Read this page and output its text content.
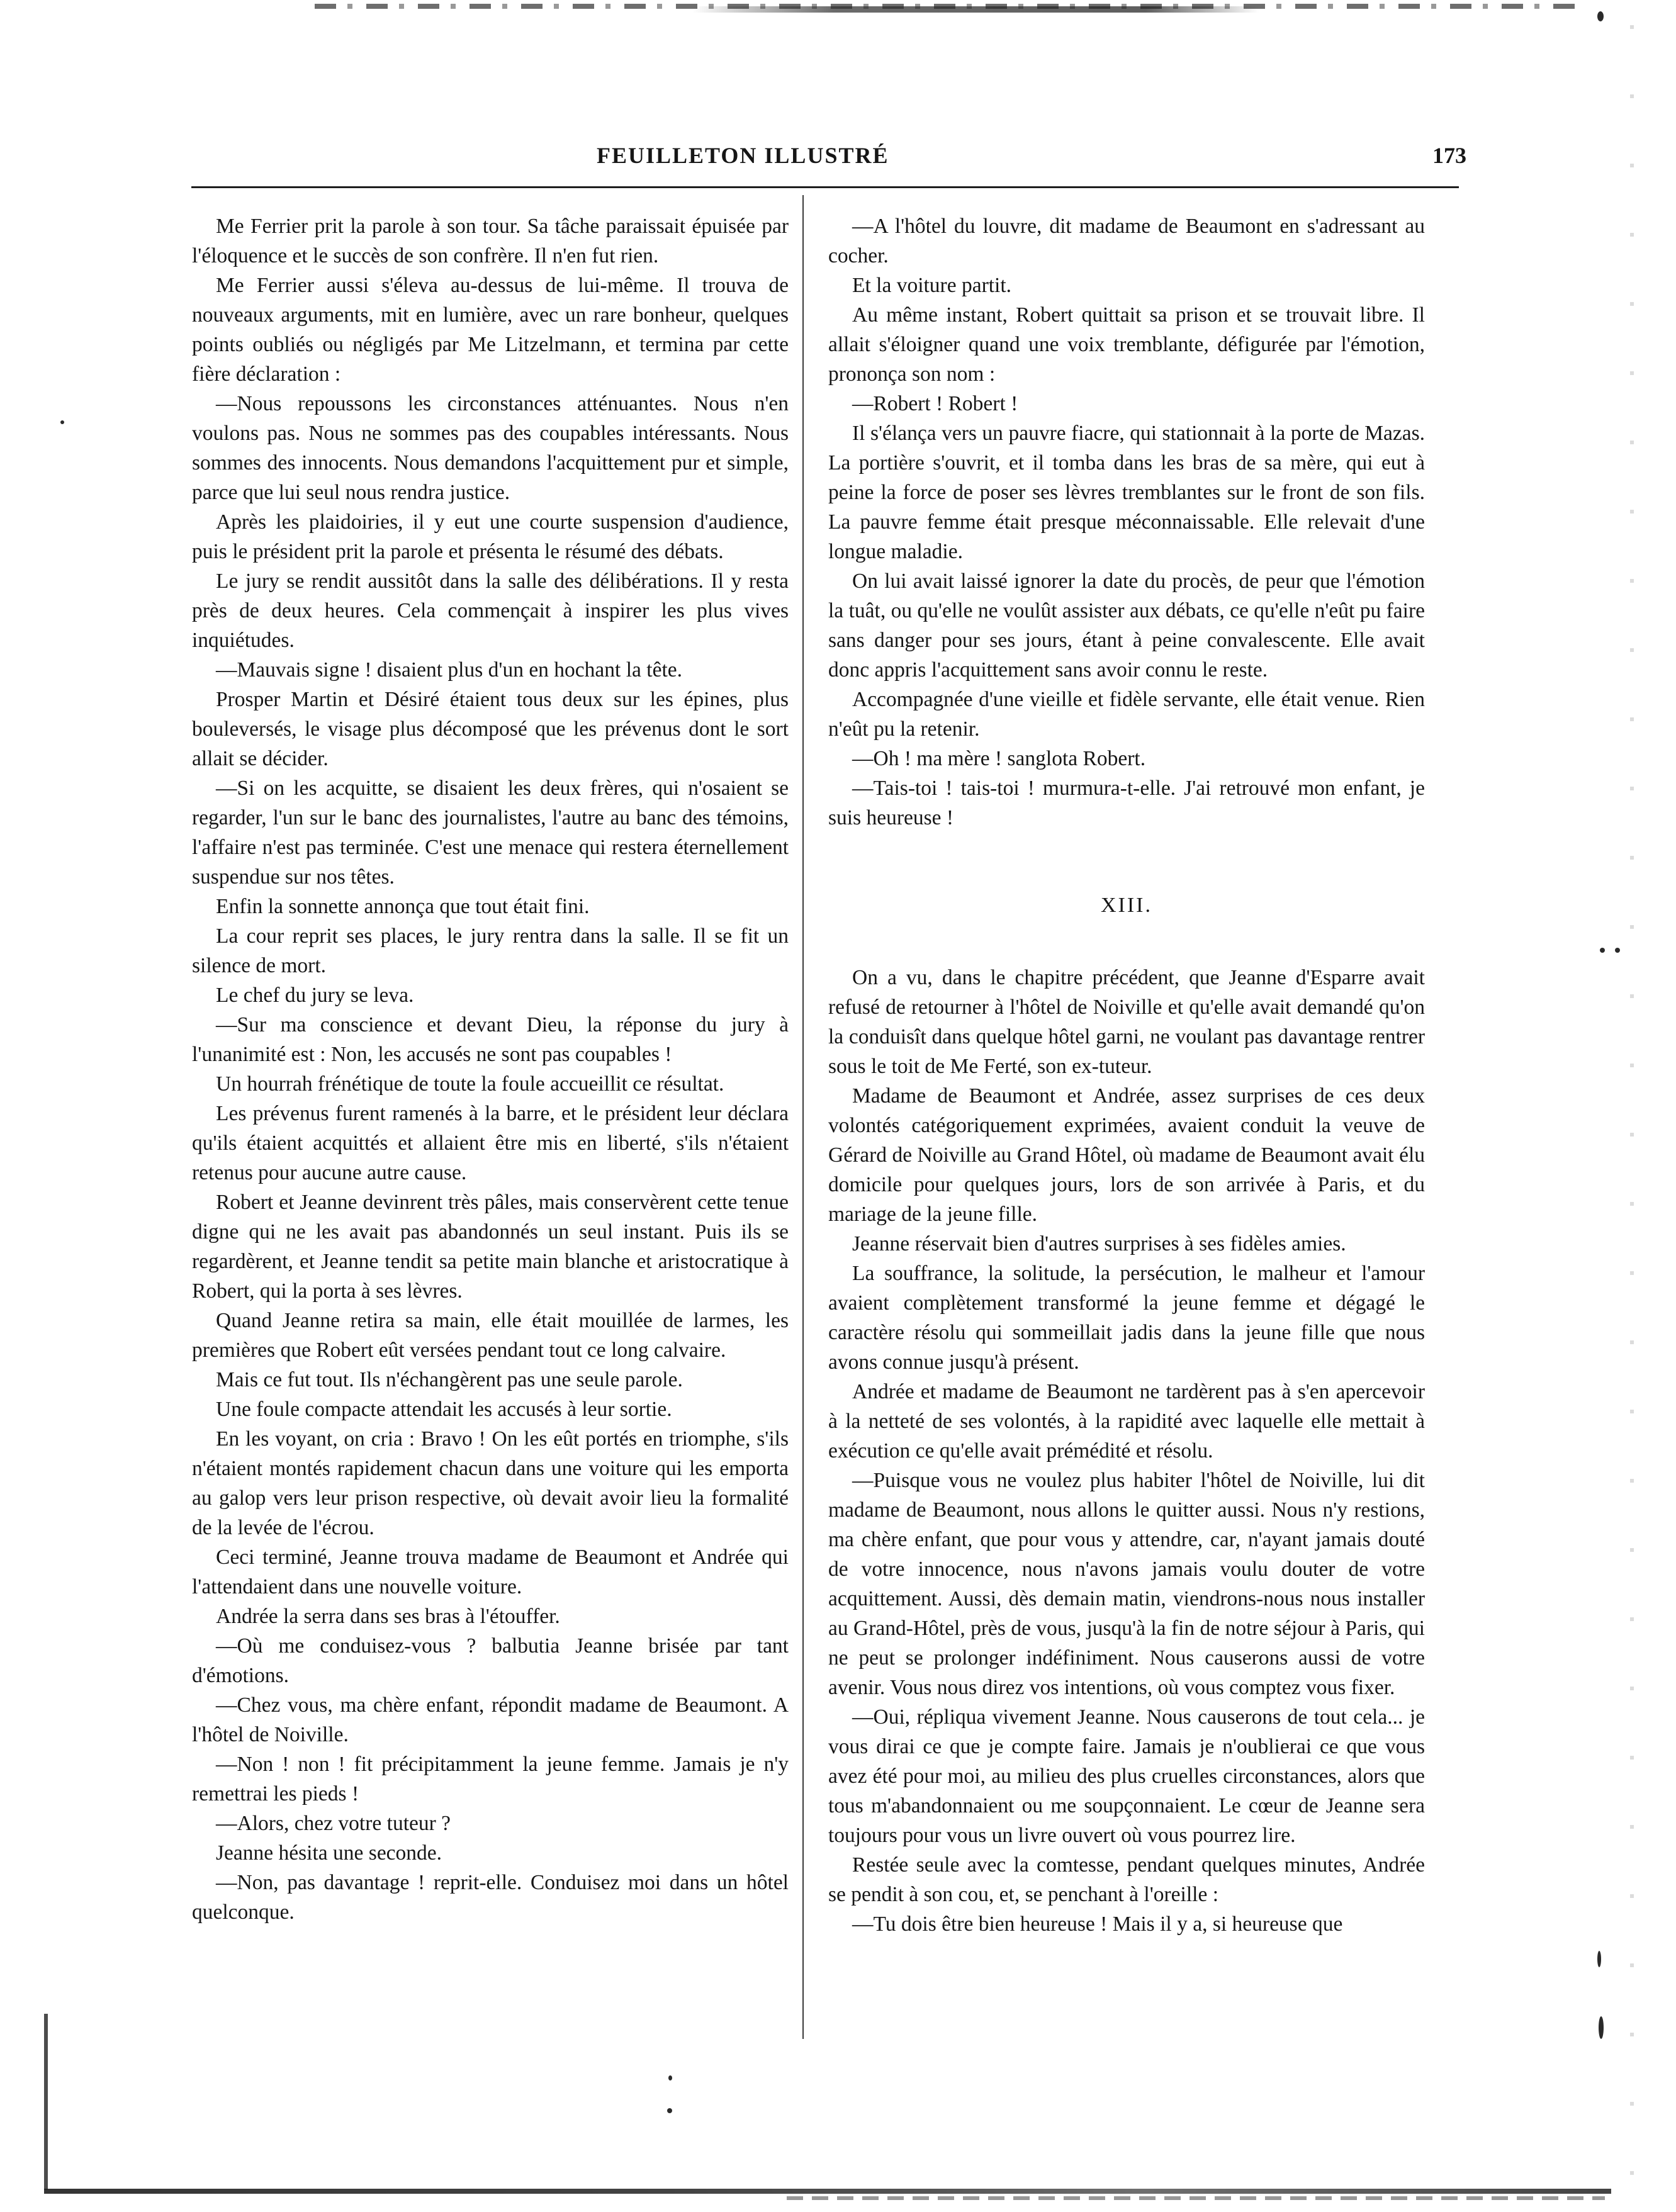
FEUILLETON ILLUSTRÉ	173

Me Ferrier prit la parole à son tour. Sa tâche paraissait épuisée par l'éloquence et le succès de son confrère. Il n'en fut rien.

Me Ferrier aussi s'éleva au-dessus de lui-même. Il trouva de nouveaux arguments, mit en lumière, avec un rare bonheur, quelques points oubliés ou négligés par Me Litzelmann, et termina par cette fière déclaration :

—Nous repoussons les circonstances atténuantes. Nous n'en voulons pas. Nous ne sommes pas des coupables intéressants. Nous sommes des innocents. Nous demandons l'acquittement pur et simple, parce que lui seul nous rendra justice.

Après les plaidoiries, il y eut une courte suspension d'audience, puis le président prit la parole et présenta le résumé des débats.

Le jury se rendit aussitôt dans la salle des délibérations. Il y resta près de deux heures. Cela commençait à inspirer les plus vives inquiétudes.

—Mauvais signe ! disaient plus d'un en hochant la tête.

Prosper Martin et Désiré étaient tous deux sur les épines, plus bouleversés, le visage plus décomposé que les prévenus dont le sort allait se décider.

—Si on les acquitte, se disaient les deux frères, qui n'osaient se regarder, l'un sur le banc des journalistes, l'autre au banc des témoins, l'affaire n'est pas terminée. C'est une menace qui restera éternellement suspendue sur nos têtes.

Enfin la sonnette annonça que tout était fini.

La cour reprit ses places, le jury rentra dans la salle. Il se fit un silence de mort.

Le chef du jury se leva.

—Sur ma conscience et devant Dieu, la réponse du jury à l'unanimité est : Non, les accusés ne sont pas coupables !

Un hourrah frénétique de toute la foule accueillit ce résultat.

Les prévenus furent ramenés à la barre, et le président leur déclara qu'ils étaient acquittés et allaient être mis en liberté, s'ils n'étaient retenus pour aucune autre cause.

Robert et Jeanne devinrent très pâles, mais conservèrent cette tenue digne qui ne les avait pas abandonnés un seul instant. Puis ils se regardèrent, et Jeanne tendit sa petite main blanche et aristocratique à Robert, qui la porta à ses lèvres.

Quand Jeanne retira sa main, elle était mouillée de larmes, les premières que Robert eût versées pendant tout ce long calvaire.

Mais ce fut tout. Ils n'échangèrent pas une seule parole.

Une foule compacte attendait les accusés à leur sortie.

En les voyant, on cria : Bravo ! On les eût portés en triomphe, s'ils n'étaient montés rapidement chacun dans une voiture qui les emporta au galop vers leur prison respective, où devait avoir lieu la formalité de la levée de l'écrou.

Ceci terminé, Jeanne trouva madame de Beaumont et Andrée qui l'attendaient dans une nouvelle voiture.

Andrée la serra dans ses bras à l'étouffer.

—Où me conduisez-vous ? balbutia Jeanne brisée par tant d'émotions.

—Chez vous, ma chère enfant, répondit madame de Beaumont. A l'hôtel de Noiville.

—Non ! non ! fit précipitamment la jeune femme. Jamais je n'y remettrai les pieds !

—Alors, chez votre tuteur ?

Jeanne hésita une seconde.

—Non, pas davantage ! reprit-elle. Conduisez moi dans un hôtel quelconque.

—A l'hôtel du louvre, dit madame de Beaumont en s'adressant au cocher.

Et la voiture partit.

Au même instant, Robert quittait sa prison et se trouvait libre. Il allait s'éloigner quand une voix tremblante, défigurée par l'émotion, prononça son nom :

—Robert ! Robert !

Il s'élança vers un pauvre fiacre, qui stationnait à la porte de Mazas. La portière s'ouvrit, et il tomba dans les bras de sa mère, qui eut à peine la force de poser ses lèvres tremblantes sur le front de son fils. La pauvre femme était presque méconnaissable. Elle relevait d'une longue maladie.

On lui avait laissé ignorer la date du procès, de peur que l'émotion la tuât, ou qu'elle ne voulût assister aux débats, ce qu'elle n'eût pu faire sans danger pour ses jours, étant à peine convalescente. Elle avait donc appris l'acquittement sans avoir connu le reste.

Accompagnée d'une vieille et fidèle servante, elle était venue. Rien n'eût pu la retenir.

—Oh ! ma mère ! sanglota Robert.

—Tais-toi ! tais-toi ! murmura-t-elle. J'ai retrouvé mon enfant, je suis heureuse !

XIII.

On a vu, dans le chapitre précédent, que Jeanne d'Esparre avait refusé de retourner à l'hôtel de Noiville et qu'elle avait demandé qu'on la conduisît dans quelque hôtel garni, ne voulant pas davantage rentrer sous le toit de Me Ferté, son ex-tuteur.

Madame de Beaumont et Andrée, assez surprises de ces deux volontés catégoriquement exprimées, avaient conduit la veuve de Gérard de Noiville au Grand Hôtel, où madame de Beaumont avait élu domicile pour quelques jours, lors de son arrivée à Paris, et du mariage de la jeune fille.

Jeanne réservait bien d'autres surprises à ses fidèles amies.

La souffrance, la solitude, la persécution, le malheur et l'amour avaient complètement transformé la jeune femme et dégagé le caractère résolu qui sommeillait jadis dans la jeune fille que nous avons connue jusqu'à présent.

Andrée et madame de Beaumont ne tardèrent pas à s'en apercevoir à la netteté de ses volontés, à la rapidité avec laquelle elle mettait à exécution ce qu'elle avait prémédité et résolu.

—Puisque vous ne voulez plus habiter l'hôtel de Noiville, lui dit madame de Beaumont, nous allons le quitter aussi. Nous n'y restions, ma chère enfant, que pour vous y attendre, car, n'ayant jamais douté de votre innocence, nous n'avons jamais voulu douter de votre acquittement. Aussi, dès demain matin, viendrons-nous nous installer au Grand-Hôtel, près de vous, jusqu'à la fin de notre séjour à Paris, qui ne peut se prolonger indéfiniment. Nous causerons aussi de votre avenir. Vous nous direz vos intentions, où vous comptez vous fixer.

—Oui, répliqua vivement Jeanne. Nous causerons de tout cela... je vous dirai ce que je compte faire. Jamais je n'oublierai ce que vous avez été pour moi, au milieu des plus cruelles circonstances, alors que tous m'abandonnaient ou me soupçonnaient. Le cœur de Jeanne sera toujours pour vous un livre ouvert où vous pourrez lire.

Restée seule avec la comtesse, pendant quelques minutes, Andrée se pendit à son cou, et, se penchant à l'oreille :

—Tu dois être bien heureuse ! Mais il y a, si heureuse que
